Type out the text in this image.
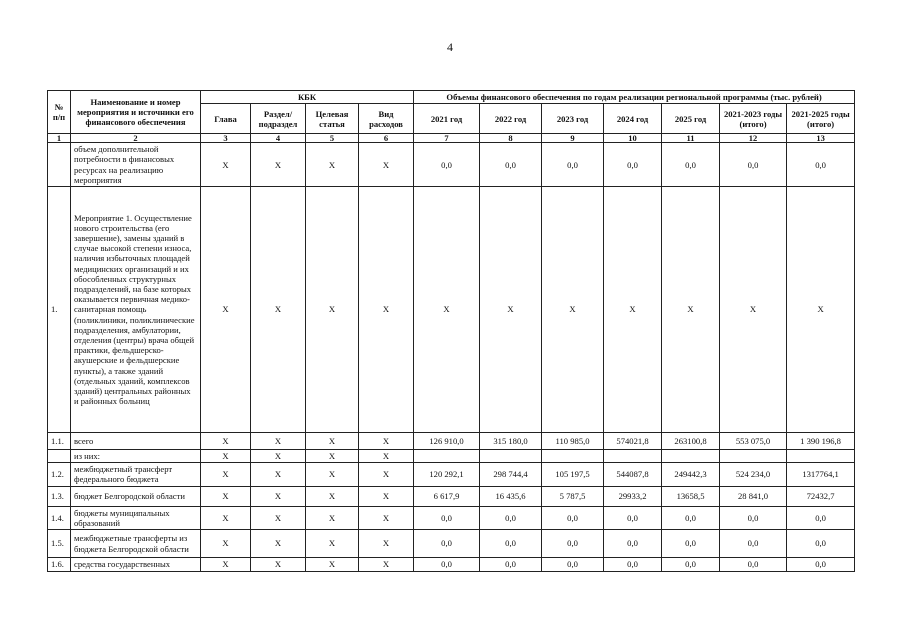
4
№ п/п	Наименование и номер мероприятия и источники его финансового обеспечения	КБК				Объемы финансового обеспечения по годам реализации региональной программы (тыс. рублей)						
		Глава	Раздел/ подраздел	Целевая статья	Вид расходов	2021 год	2022 год	2023 год	2024 год	2025 год	2021-2023 годы (итого)	2021-2025 годы (итого)
1	2	3	4	5	6	7	8	9	10	11	12	13
	объем дополнительной потребности в финансовых ресурсах на реализацию мероприятия	Х	Х	Х	Х	0,0	0,0	0,0	0,0	0,0	0,0	0,0
1.	Мероприятие 1. Осуществление нового строительства (его завершение), замены зданий в случае высокой степени износа, наличия избыточных площадей медицинских организаций и их обособленных структурных подразделений, на базе которых оказывается первичная медико-санитарная помощь (поликлиники, поликлинические подразделения, амбулатории, отделения (центры) врача общей практики, фельдшерско-акушерские и фельдшерские пункты), а также зданий (отдельных зданий, комплексов зданий) центральных районных и районных больниц	Х	Х	Х	Х	Х	Х	Х	Х	Х	Х	Х
1.1.	всего	Х	Х	Х	Х	126 910,0	315 180,0	110 985,0	574021,8	263100,8	553 075,0	1 390 196,8
	из них:	Х	Х	Х	Х							
1.2.	межбюджетный трансферт федерального бюджета	Х	Х	Х	Х	120 292,1	298 744,4	105 197,5	544087,8	249442,3	524 234,0	1317764,1
1.3.	бюджет Белгородской области	Х	Х	Х	Х	6 617,9	16 435,6	5 787,5	29933,2	13658,5	28 841,0	72432,7
1.4.	бюджеты муниципальных образований	Х	Х	Х	Х	0,0	0,0	0,0	0,0	0,0	0,0	0,0
1.5.	межбюджетные трансферты из бюджета Белгородской области	Х	Х	Х	Х	0,0	0,0	0,0	0,0	0,0	0,0	0,0
1.6.	средства государственных	Х	Х	Х	Х	0,0	0,0	0,0	0,0	0,0	0,0	0,0
